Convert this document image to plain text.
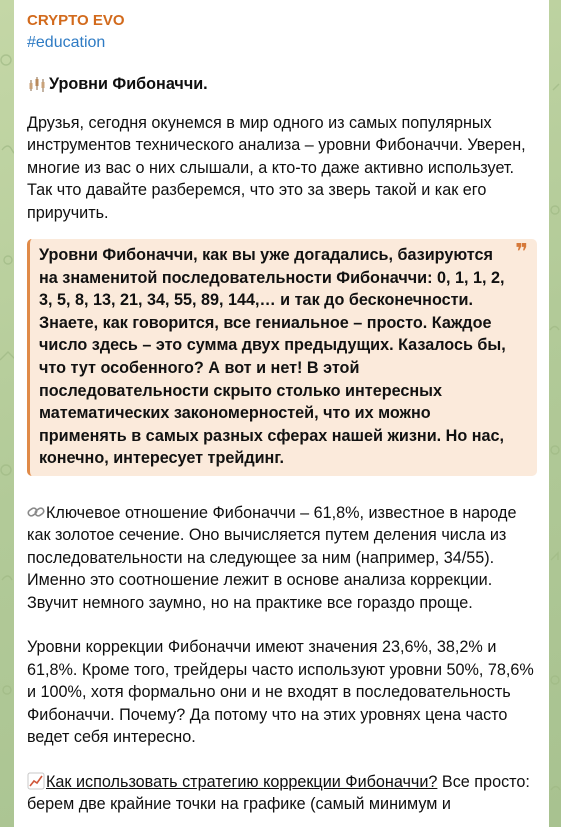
CRYPTO EVO
#education
Уровни Фибоначчи.

Друзья, сегодня окунемся в мир одного из самых популярных инструментов технического анализа – уровни Фибоначчи. Уверен, многие из вас о них слышали, а кто-то даже активно использует. Так что давайте разберемся, что это за зверь такой и как его приручить.

❞
Уровни Фибоначчи, как вы уже догадались, базируются на знаменитой последовательности Фибоначчи: 0, 1, 1, 2, 3, 5, 8, 13, 21, 34, 55, 89, 144,… и так до бесконечности. Знаете, как говорится, все гениальное – просто. Каждое число здесь – это сумма двух предыдущих. Казалось бы, что тут особенного? А вот и нет! В этой последовательности скрыто столько интересных математических закономерностей, что их можно применять в самых разных сферах нашей жизни. Но нас, конечно, интересует трейдинг.

Ключевое отношение Фибоначчи – 61,8%, известное в народе как золотое сечение. Оно вычисляется путем деления числа из последовательности на следующее за ним (например, 34/55). Именно это соотношение лежит в основе анализа коррекции. Звучит немного заумно, но на практике все гораздо проще.

Уровни коррекции Фибоначчи имеют значения 23,6%, 38,2% и 61,8%. Кроме того, трейдеры часто используют уровни 50%, 78,6% и 100%, хотя формально они и не входят в последовательность Фибоначчи. Почему? Да потому что на этих уровнях цена часто ведет себя интересно.

Как использовать стратегию коррекции Фибоначчи? Все просто: берем две крайние точки на графике (самый минимум и
